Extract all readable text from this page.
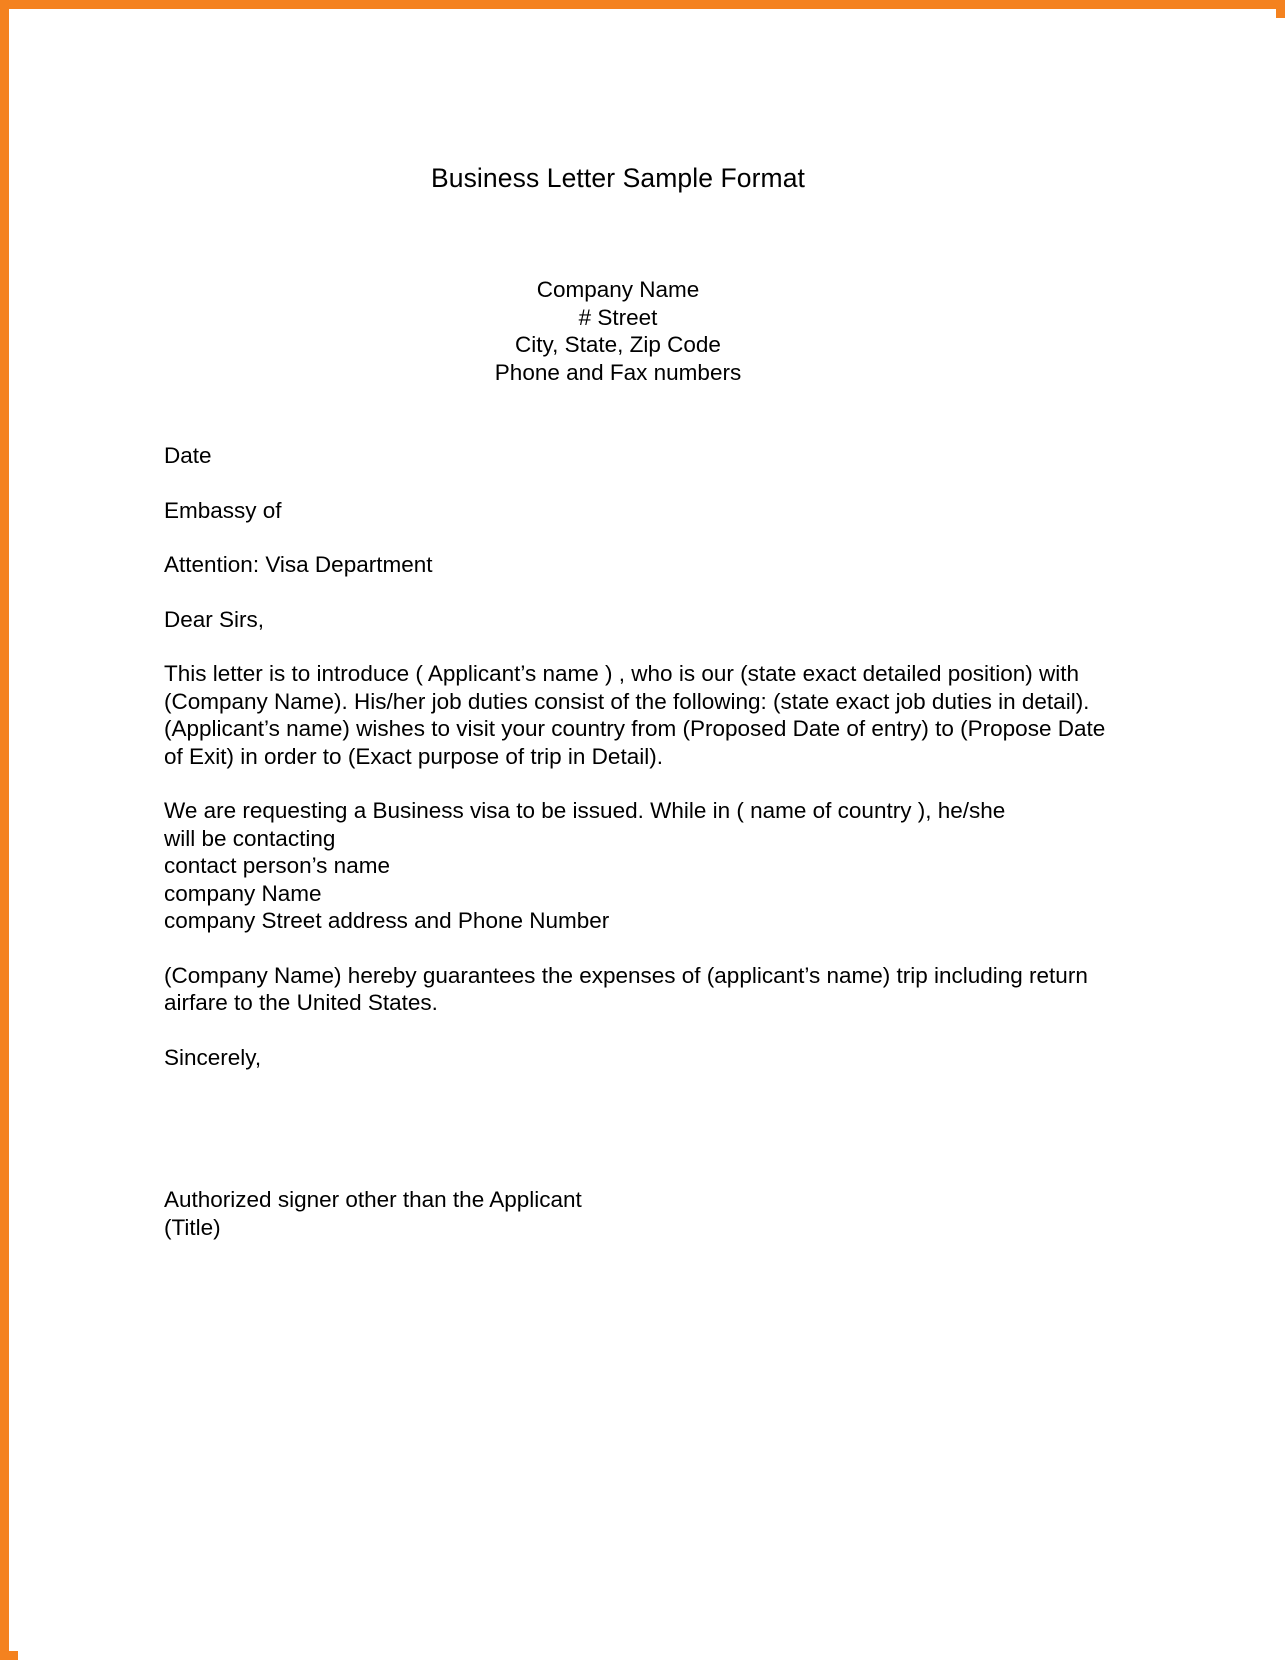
Business Letter Sample Format
Company Name
# Street
City, State, Zip Code
Phone and Fax numbers
Date
Embassy of
Attention: Visa Department
Dear Sirs,
This letter is to introduce ( Applicant’s name ) , who is our (state exact detailed position) with (Company Name). His/her job duties consist of the following: (state exact job duties in detail). (Applicant’s name) wishes to visit your country from (Proposed Date of entry) to (Propose Date of Exit) in order to (Exact purpose of trip in Detail).
We are requesting a Business visa to be issued. While in ( name of country ), he/she
will be contacting
contact person’s name
company Name
company Street address and Phone Number
(Company Name) hereby guarantees the expenses of (applicant’s name) trip including return airfare to the United States.
Sincerely,
Authorized signer other than the Applicant
(Title)
